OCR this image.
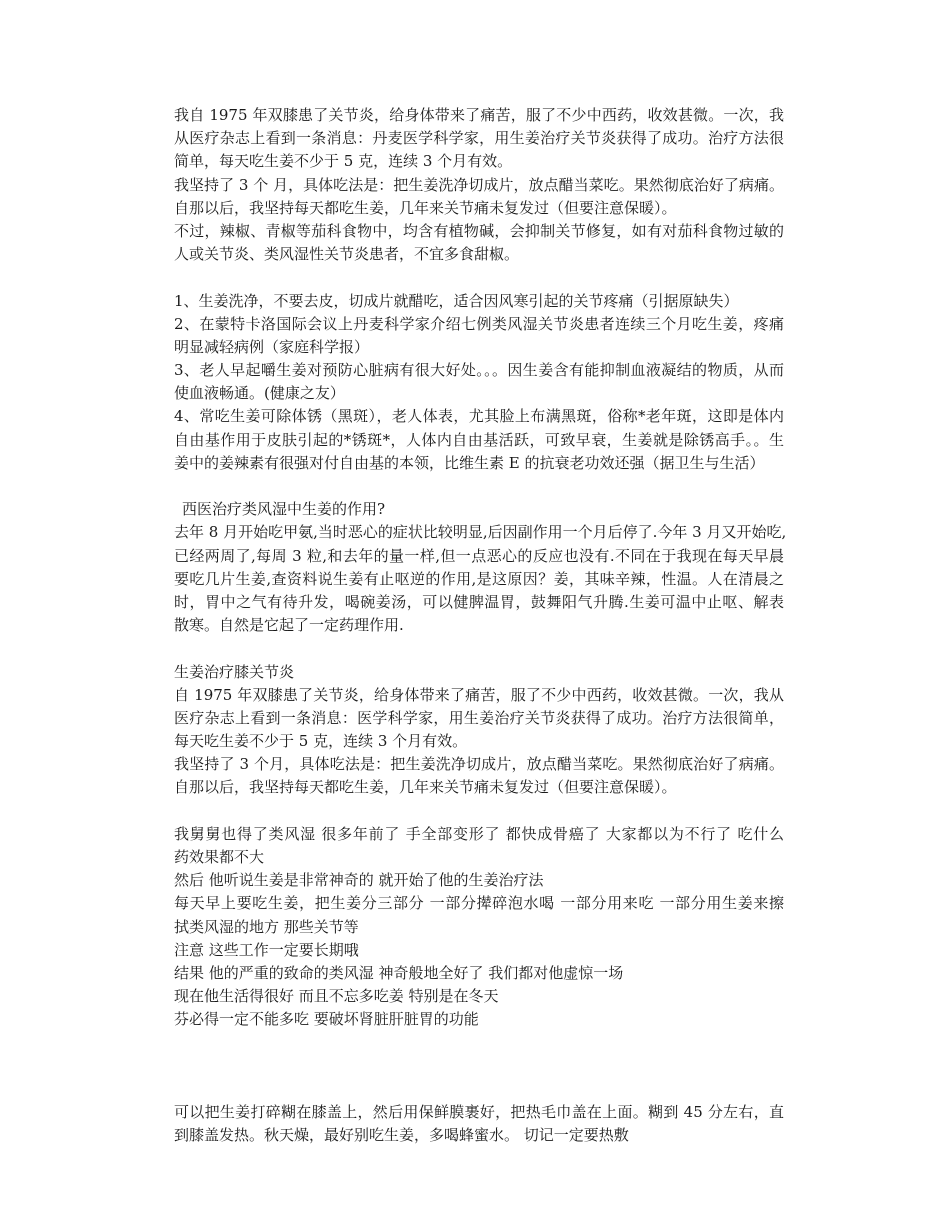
我自 1975 年双膝患了关节炎，给身体带来了痛苦，服了不少中西药，收效甚微。一次，我
从医疗杂志上看到一条消息：丹麦医学科学家，用生姜治疗关节炎获得了成功。治疗方法很
简单，每天吃生姜不少于 5 克，连续 3 个月有效。
我坚持了 3 个 月，具体吃法是：把生姜洗净切成片，放点醋当菜吃。果然彻底治好了病痛。
自那以后，我坚持每天都吃生姜，几年来关节痛未复发过（但要注意保暖）。
不过，辣椒、青椒等茄科食物中，均含有植物碱，会抑制关节修复，如有对茄科食物过敏的
人或关节炎、类风湿性关节炎患者，不宜多食甜椒。
1、生姜洗净，不要去皮，切成片就醋吃，适合因风寒引起的关节疼痛（引据原缺失）
2、在蒙特卡洛国际会议上丹麦科学家介绍七例类风湿关节炎患者连续三个月吃生姜，疼痛
明显减轻病例（家庭科学报）
3、老人早起嚼生姜对预防心脏病有很大好处。。。因生姜含有能抑制血液凝结的物质，从而
使血液畅通。(健康之友）
4、常吃生姜可除体锈（黑斑），老人体表，尤其脸上布满黑斑，俗称*老年斑，这即是体内
自由基作用于皮肤引起的*锈斑*，人体内自由基活跃，可致早衰，生姜就是除锈高手。。生
姜中的姜辣素有很强对付自由基的本领，比维生素 E 的抗衰老功效还强（据卫生与生活）
西医治疗类风湿中生姜的作用?
去年 8 月开始吃甲氨,当时恶心的症状比较明显,后因副作用一个月后停了.今年 3 月又开始吃,
已经两周了,每周 3 粒,和去年的量一样,但一点恶心的反应也没有.不同在于我现在每天早晨
要吃几片生姜,查资料说生姜有止呕逆的作用,是这原因？姜，其味辛辣，性温。人在清晨之
时，胃中之气有待升发，喝碗姜汤，可以健脾温胃，鼓舞阳气升腾.生姜可温中止呕、解表
散寒。自然是它起了一定药理作用.
生姜治疗膝关节炎
自 1975 年双膝患了关节炎，给身体带来了痛苦，服了不少中西药，收效甚微。一次，我从
医疗杂志上看到一条消息：医学科学家，用生姜治疗关节炎获得了成功。治疗方法很简单，
每天吃生姜不少于 5 克，连续 3 个月有效。
我坚持了 3 个月，具体吃法是：把生姜洗净切成片，放点醋当菜吃。果然彻底治好了病痛。
自那以后，我坚持每天都吃生姜，几年来关节痛未复发过（但要注意保暖）。
我舅舅也得了类风湿 很多年前了 手全部变形了 都快成骨癌了 大家都以为不行了 吃什么
药效果都不大
然后 他听说生姜是非常神奇的 就开始了他的生姜治疗法
每天早上要吃生姜，把生姜分三部分 一部分撵碎泡水喝 一部分用来吃 一部分用生姜来擦
拭类风湿的地方 那些关节等
注意 这些工作一定要长期哦
结果 他的严重的致命的类风湿 神奇般地全好了 我们都对他虚惊一场
现在他生活得很好 而且不忘多吃姜 特别是在冬天
芬必得一定不能多吃 要破坏肾脏肝脏胃的功能
可以把生姜打碎糊在膝盖上，然后用保鲜膜裹好，把热毛巾盖在上面。糊到 45 分左右，直
到膝盖发热。秋天燥，最好别吃生姜，多喝蜂蜜水。 切记一定要热敷
